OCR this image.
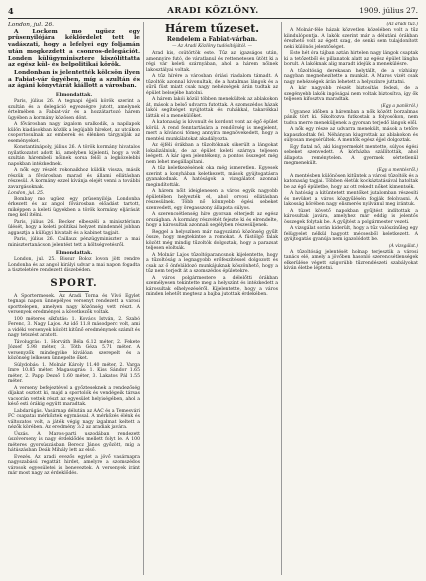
4	ARADI KÖZLÖNY.	1909. július 27.
London, jul. 26.

A Lockem mo ugüez egy prüsenyilójára kéklördelet tett le vadászati, hogy a lefelyei egy foljamán után mogkezdett a csonros-delegációt. Londen külügyminisztere kiszólíttatta az egész kül- és belpolitikai körök.

Londonban is jelentették kölcsön ilyen a Fabiat-vár ügyében, míg a szultán és az ágáni könyvtárát kiállott a városban.

Elmondattak.

Paris, július 26. A tegnapi éjjeli körök szerint a szultán és a delegáció egyezségre jutott, amelynek értelmében a Fabiat-vár és a hozzátartozó hárem ügyében a kormány közösen dönt.

A fővárosban nagy izgalom uralkodik, a napilapok külön kiadásokban közlik a legújabb híreket, az utcákon csoportosulnak az emberek és élénken tárgyalják az eseményeket.

Konstantinápoly, július 26. A török kormány hivatalos nyilatkozatot adott ki, amelyben kijelenti, hogy a volt szultán hárembeli nőinek sorsa felől a legközelebbi napokban intézkednek.

A nők egy részét rokonaikhoz küldik vissza, másik részük a fővárosban marad és állami ellátásban részesül. A kormány ezzel kívánja elejét venni a további zavargásoknak.

London, jul. 25.

Bombay mo ugüez egy prüsenyilója Londonba érkezett és az angol fővárosban előadást tartott, miképpen a keleti ügyekben a török kormány eljárását meg kell ítélni.

Paris, július 26. Becker elbeszéli a minisztérium ülését, hogy a keleti politikai helyzet mindennél jobban aggasztja a külügyi hivatalt és a kabinet tagjait.

Paris, július 26. Caillaux pénzügyminiszter a mai minisztertanácson jelentést tett a költségvetésről.

Elmondattak.

London, jul. 25. Bissur Boloz lovon jött rendre Londonba és az angol királyi udvar a mai napon fogadta a tiszteletére rendezett díszebéden.

SPORT.

A Sportermesek. Az Aradi Torna és Vívó Egylet tegnapi napon ünnepélyes versenyt rendezett a városi sporttelepen, amelyen nagy közönség vett részt. A versenyek eredményei a következők voltak.

100 méteres síkfutás: 1. Kovács István, 2. Szabó Ferenc, 3. Nagy Lajos. Az idő 11.8 másodperc volt, ami a vidéki versenyek között kitűnő eredménynek számít és nagy tetszést aratott.

Távolugrás: 1. Horváth Béla 6.12 méter, 2. Fekete József 5.98 méter, 3. Tóth Géza 5.71 méter. A versenyzők mindegyike kiválóan szerepelt és a közönség lelkesen ünnepelte őket.

Súlydobás: 1. Molnár Károly 11.40 méter, 2. Varga Imre 10.85 méter. Magasugrás: 1. Kiss Sándor 1.65 méter, 2. Papp Dezső 1.60 méter, 3. Lakatos Pál 1.55 méter.

A verseny befejeztével a győzteseknek a rendezőség díjakat osztott ki, majd a sportolók és vendégeik társas vacsorán vettek részt az egyesület helyiségében, ahol a késő esti órákig együtt maradtak.

Labdarúgás. Vasárnap délután az AAC és a Temesvári FC csapatai mérkőztek egymással. A mérkőzés élénk és változatos volt, a játék végig nagy izgalmat keltett a nézők körében. Az eredmény 3:2 az aradiak javára.

Úszás. A Maros-parti uszodában rendezett úszóverseny is nagy érdeklődés mellett folyt le. A 100 méteres gyorsúszásban Berecz János győzött, míg a hátúszásban Deák Mihály lett az első.

Evezés. Az aradi evezős egylet a jövő vasárnapra nagyszabású regattát hirdet, amelyre a szomszédos városok egyesületei is beneveztek. A versenyek iránt már most nagy az érdeklődés.

Hárem tűzeset.
Rendelem a Fabiat-várban.
— Az Aradi Közlöny tudósítójától. —

Arad kis, csütörtök este. Tűz az igazságos után, amennyire futó, de váratlanul és rettenetesen ütött ki a régi vár keleti szárnyában, ahol a hárem nőinek lakosztályai voltak.

A tűz hírére a városban óriási riadalom támadt. A tűzoltók azonnal kivonultak, de a hatalmas lángok és a sűrű füst miatt csak nagy nehézségek árán tudtak az épület belsejébe hatolni.

A hárem lakói közül többen menekültek az ablakokon át, mások a belső udvarra futottak. A szomszédos házak lakói segítséget nyújtottak és ruhákkal, takarókkal látták el a menekülőket.

A katonaság is kivonult és kordont vont az égő épület körül. A rend fenntartására a rendőrség is megjelent, mert a kíváncsi tömeg annyira megnövekedett, hogy a mentési munkálatokat akadályozta.

Az éjféli órákban a tűzoltóknak sikerült a lángokat lokalizálniuk, de az épület keleti szárnya teljesen leégett. A kár igen jelentékeny, a pontos összeget még nem lehet megállapítani.

A tűz keletkezésének oka még ismeretlen. Egyesek szerint a konyhában keletkezett, mások gyújtogatásra gyanakodnak. A hatóságok a vizsgálatot azonnal megindították.

A hárem nőit ideiglenesen a város egyik nagyobb épületében helyezték el, ahol orvosi ellátásban részesülnek. Több nő könnyebb égési sebeket szenvedett, egy öregasszony állapota súlyos.

A szerencsétlenség híre gyorsan elterjedt az egész országban. A kormány részvétét fejezte ki és elrendelte, hogy a károsultak azonnali segélyben részesüljenek.

Reggel a helyszínen már nagyszámú közönség gyűlt össze, hogy megtekintse a romokat. A füstölgő falak között még mindig tűzoltók dolgoztak, hogy a parazsat teljesen eloltsák.

A Molnár Lajos tűzoltóparancsnok kijelentette, hogy a tűzoltóság a legnagyobb erőfeszítéssel dolgozott és csak az ő önfeláldozó munkájuknak köszönhető, hogy a tűz nem terjedt át a szomszédos épületekre.

A város polgármestere a délelőtti órákban személyesen tekintette meg a helyszínt és intézkedett a károsultak elhelyezéséről. Kijelentette, hogy a város minden lehetőt megtesz a bajba jutottak érdekében.

(Az aradi tűz.)

A Molnár-féle házak közvetlen közelében volt a tűz kiindulópontja. A lakók szerint már a délutáni órákban érezhető volt az égett szag, de senki sem tulajdonított neki különös jelentőséget.

Este hét óra tájban aztán hirtelen nagy lángok csaptak ki a tetőzetből és pillanatok alatt az egész épület lángba borult. A lakóknak alig maradt idejük a menekülésre.

A tűzoltóság derekasan helytállt, de a vízhiány nagyban megnehezítette a munkát. A Maros vizét csak nagy nehézségek árán lehetett a helyszínre juttatni.

A kár nagyobb részét biztosítás fedezi, de a szegényebb lakók ingóságai nem voltak biztosítva, így ők teljesen kifosztva maradtak.

(Egy a panikról.)

Ugyanez időben a háremban a nők között borzalmas pánik tört ki. Sikoltozva futkostak a folyosókon, nem tudva merre meneküljenek a gyorsan terjedő lángok elől.

A nők egy része az udvarra menekült, mások a tetőre kapaszkodtak fel. Néhányan kiugrottak az ablakokon és súlyosan megsérültek. A mentők egész éjjel dolgoztak.

Egy fiatal nő, aki kisgyermekét mentette, súlyos égési sebeket szenvedett. A kórházba szállították, ahol állapota reménytelen. A gyermek sértetlenül megmenekült.

(Egy a mentésről.)

A mentésben különösen kitűntek a városi tűzoltók és a katonaság tagjai. Többen életük kockáztatásával hatoltak be az égő épületbe, hogy az ott rekedt nőket kimentsék.

A hatóság a kitüntetett mentőket jutalomban részesíti és nevüket a város közgyűlésén fogják felolvasni. A lakosság körében nagy elismerés nyilvánul meg irántuk.

A tüzet követő napokban gyűjtést indítottak a károsultak javára, amelyhez már eddig is jelentős összegek folytak be. A gyűjtést a polgármester vezeti.

A vizsgálat során kiderült, hogy a tűz valószínűleg egy felügyelet nélkül hagyott mécsesből keletkezett. A gyújtogatás gyanúja nem igazolódott be.

(A vizsgálat.)

A tűzoltóság jelentését holnap terjesztik a városi tanács elé, amely a jövőben hasonló szerencsétlenségek elkerülése végett szigorúbb tűzrendészeti szabályokat kíván életbe léptetni.
